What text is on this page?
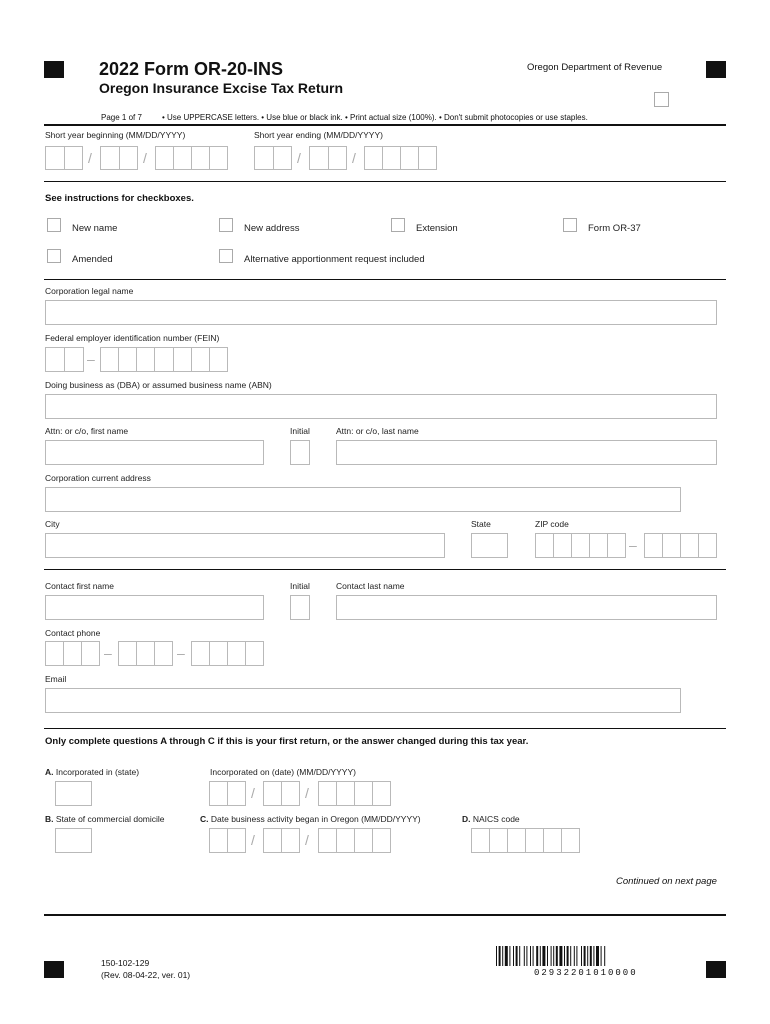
2022 Form OR-20-INS
Oregon Insurance Excise Tax Return
Oregon Department of Revenue
Page 1 of 7	• Use UPPERCASE letters. • Use blue or black ink. • Print actual size (100%). • Don't submit photocopies or use staples.
Short year beginning (MM/DD/YYYY)	Short year ending (MM/DD/YYYY)
/	/	/	/
See instructions for checkboxes.
New name	New address	Extension	Form OR-37
Amended	Alternative apportionment request included
Corporation legal name
Federal employer identification number (FEIN)
–
Doing business as (DBA) or assumed business name (ABN)
Attn: or c/o, first name	Initial	Attn: or c/o, last name
Corporation current address
City	State	ZIP code
–
Contact first name	Initial	Contact last name
Contact phone
–	–
Email
Only complete questions A through C if this is your first return, or the answer changed during this tax year.
A. Incorporated in (state)	Incorporated on (date) (MM/DD/YYYY)
/	/
B. State of commercial domicile	C. Date business activity began in Oregon (MM/DD/YYYY)	D. NAICS code
/	/
Continued on next page
150-102-129
(Rev. 08-04-22, ver. 01)	02932201010000
